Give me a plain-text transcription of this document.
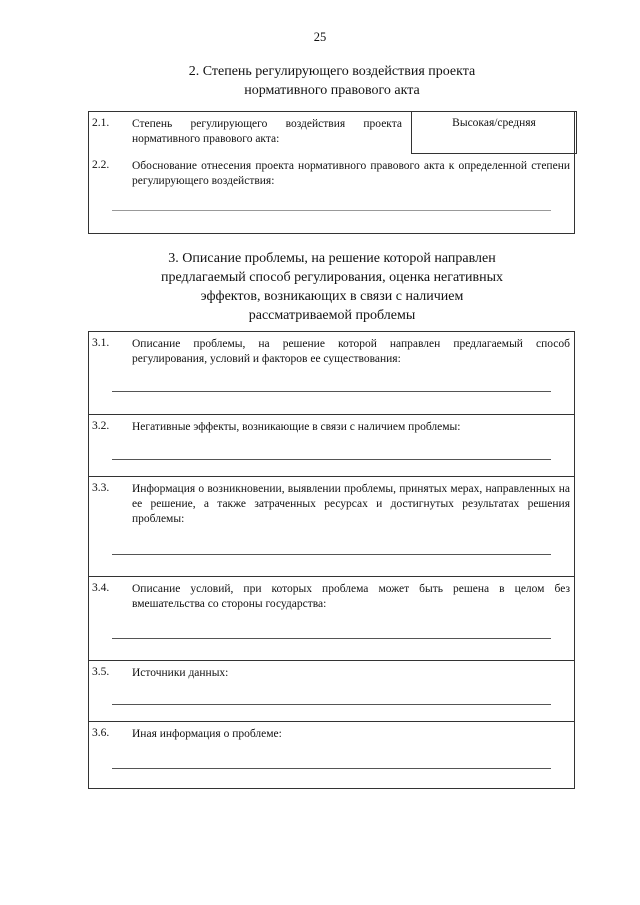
25
2. Степень регулирующего воздействия проекта
нормативного правового акта
2.1. Степень регулирующего воздействия проекта нормативного правового акта:
Высокая/средняя
2.2. Обоснование отнесения проекта нормативного правового акта к определенной степени регулирующего воздействия:
3. Описание проблемы, на решение которой направлен
предлагаемый способ регулирования, оценка негативных
эффектов, возникающих в связи с наличием
рассматриваемой проблемы
3.1. Описание проблемы, на решение которой направлен предлагаемый способ регулирования, условий и факторов ее существования:
3.2. Негативные эффекты, возникающие в связи с наличием проблемы:
3.3. Информация о возникновении, выявлении проблемы, принятых мерах, направленных на ее решение, а также затраченных ресурсах и достигнутых результатах решения проблемы:
3.4. Описание условий, при которых проблема может быть решена в целом без вмешательства со стороны государства:
3.5. Источники данных:
3.6. Иная информация о проблеме:
